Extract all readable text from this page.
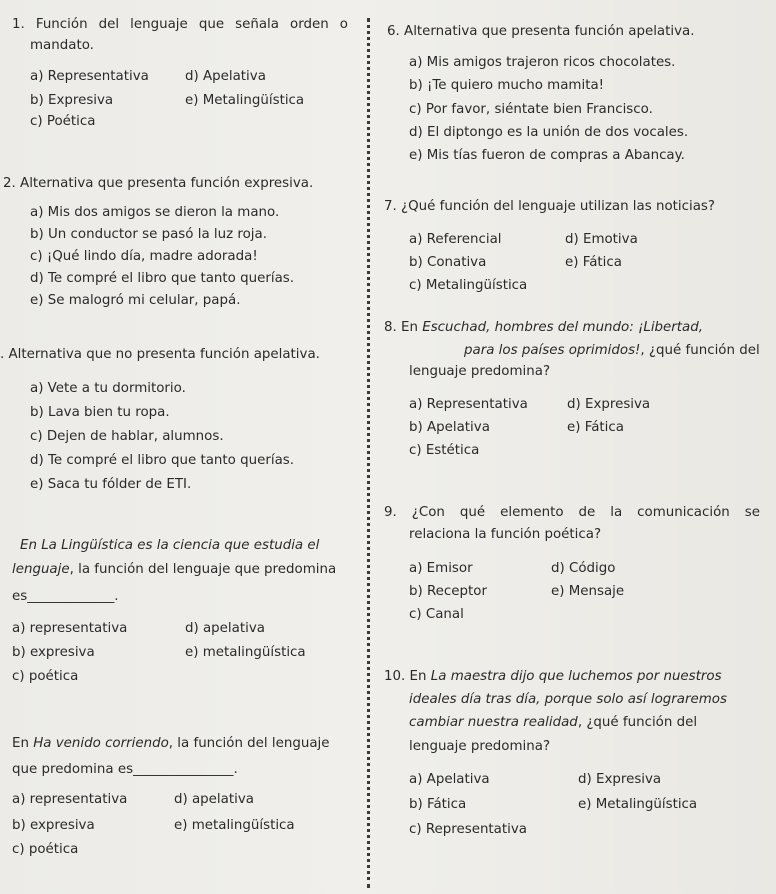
1. Función del lenguaje que señala orden o
mandato.
a) Representativa	d) Apelativa
b) Expresiva	e) Metalingüística
c) Poética
2. Alternativa que presenta función expresiva.
a) Mis dos amigos se dieron la mano.
b) Un conductor se pasó la luz roja.
c) ¡Qué lindo día, madre adorada!
d) Te compré el libro que tanto querías.
e) Se malogró mi celular, papá.
. Alternativa que no presenta función apelativa.
a) Vete a tu dormitorio.
b) Lava bien tu ropa.
c) Dejen de hablar, alumnos.
d) Te compré el libro que tanto querías.
e) Saca tu fólder de ETI.
En La Lingüística es la ciencia que estudia el
lenguaje, la función del lenguaje que predomina
es_____________.
a) representativa	d) apelativa
b) expresiva	e) metalingüística
c) poética
En Ha venido corriendo, la función del lenguaje
que predomina es_______________.
a) representativa	d) apelativa
b) expresiva	e) metalingüística
c) poética
6. Alternativa que presenta función apelativa.
a) Mis amigos trajeron ricos chocolates.
b) ¡Te quiero mucho mamita!
c) Por favor, siéntate bien Francisco.
d) El diptongo es la unión de dos vocales.
e) Mis tías fueron de compras a Abancay.
7. ¿Qué función del lenguaje utilizan las noticias?
a) Referencial	d) Emotiva
b) Conativa	e) Fática
c) Metalingüística
8. En Escuchad, hombres del mundo: ¡Libertad,
para los países oprimidos!, ¿qué función del
lenguaje predomina?
a) Representativa	d) Expresiva
b) Apelativa	e) Fática
c) Estética
9. ¿Con qué elemento de la comunicación se
relaciona la función poética?
a) Emisor	d) Código
b) Receptor	e) Mensaje
c) Canal
10. En La maestra dijo que luchemos por nuestros
ideales día tras día, porque solo así lograremos
cambiar nuestra realidad, ¿qué función del
lenguaje predomina?
a) Apelativa	d) Expresiva
b) Fática	e) Metalingüística
c) Representativa
